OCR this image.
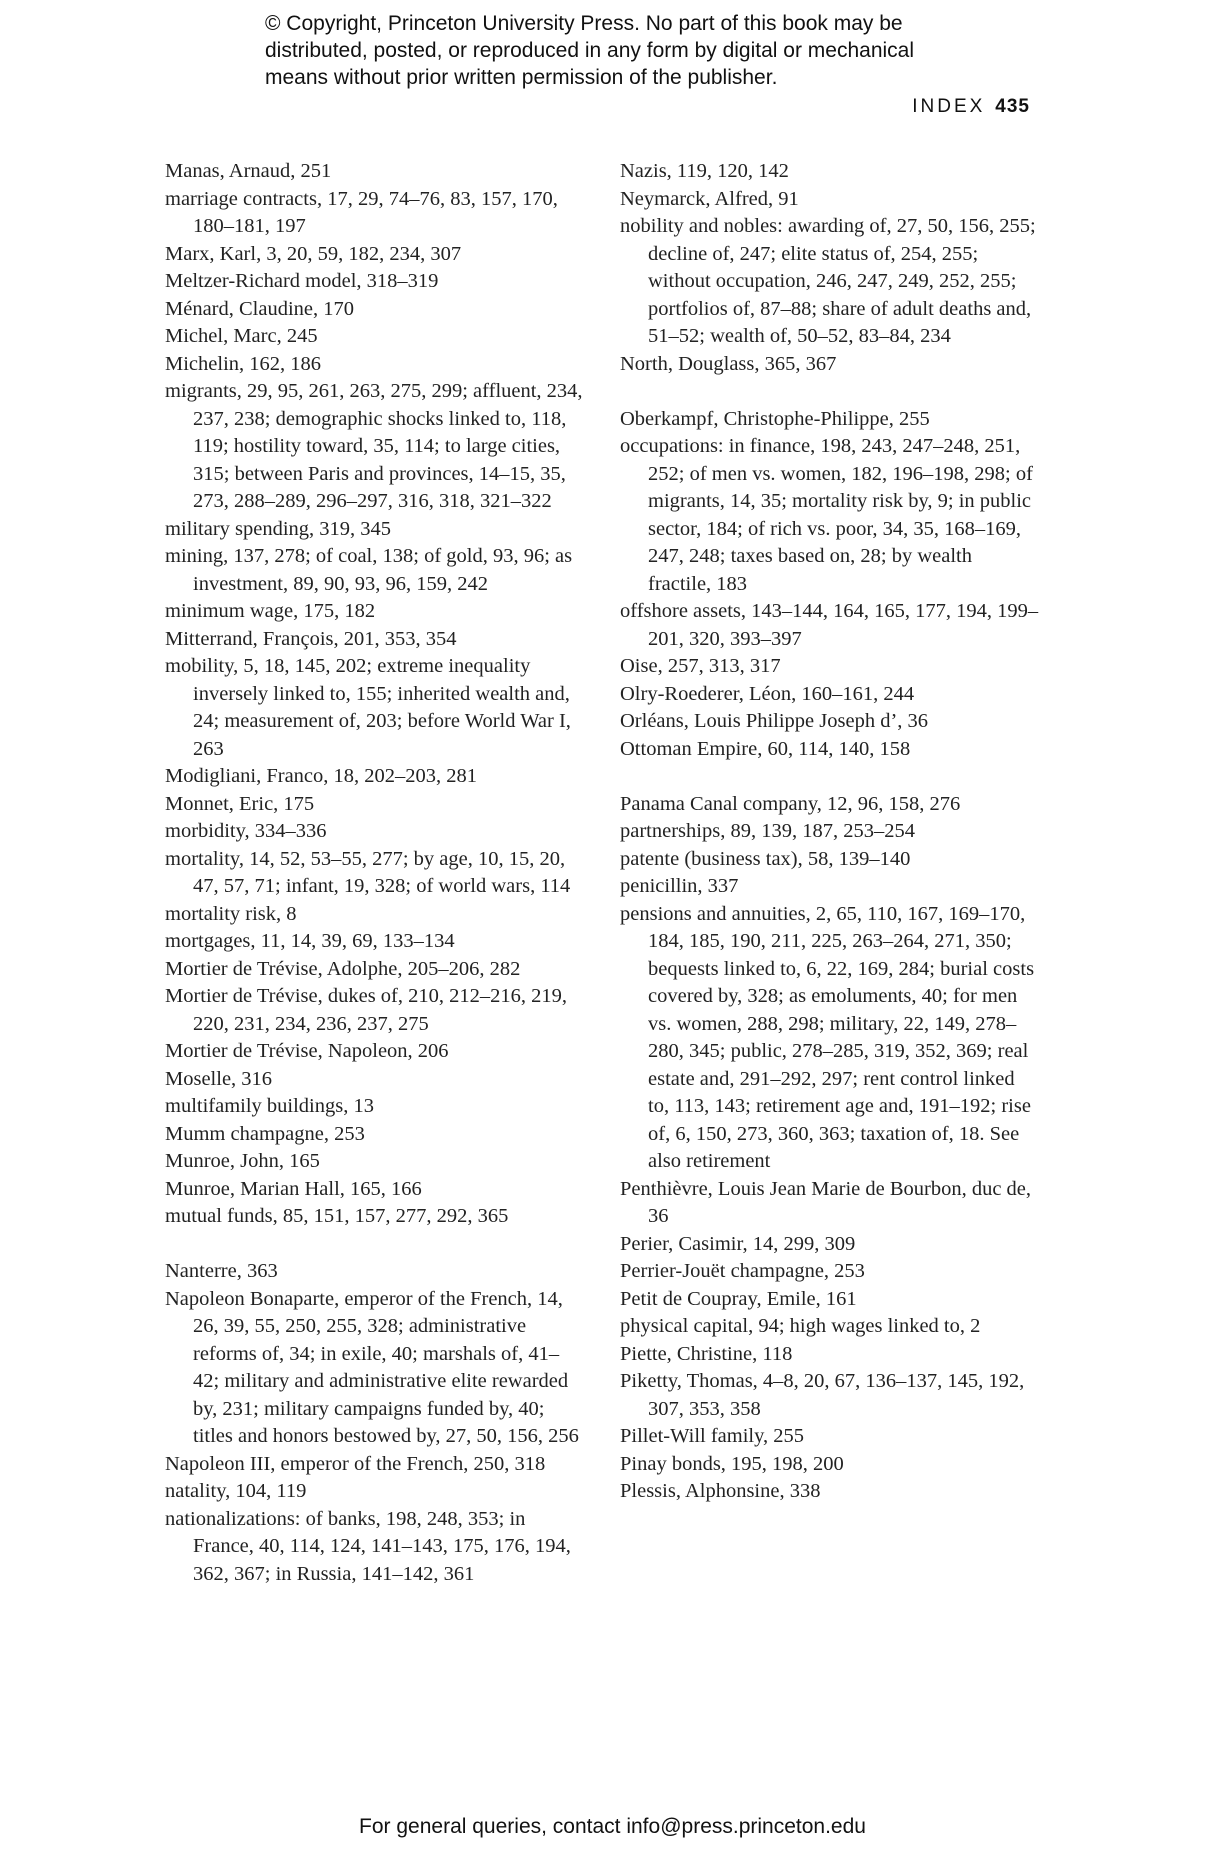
© Copyright, Princeton University Press. No part of this book may be
distributed, posted, or reproduced in any form by digital or mechanical
means without prior written permission of the publisher.
INDEX 435
Manas, Arnaud, 251
marriage contracts, 17, 29, 74–76, 83, 157, 170, 180–181, 197
Marx, Karl, 3, 20, 59, 182, 234, 307
Meltzer-Richard model, 318–319
Ménard, Claudine, 170
Michel, Marc, 245
Michelin, 162, 186
migrants, 29, 95, 261, 263, 275, 299; affluent, 234, 237, 238; demographic shocks linked to, 118, 119; hostility toward, 35, 114; to large cities, 315; between Paris and provinces, 14–15, 35, 273, 288–289, 296–297, 316, 318, 321–322
military spending, 319, 345
mining, 137, 278; of coal, 138; of gold, 93, 96; as investment, 89, 90, 93, 96, 159, 242
minimum wage, 175, 182
Mitterrand, François, 201, 353, 354
mobility, 5, 18, 145, 202; extreme inequality inversely linked to, 155; inherited wealth and, 24; measurement of, 203; before World War I, 263
Modigliani, Franco, 18, 202–203, 281
Monnet, Eric, 175
morbidity, 334–336
mortality, 14, 52, 53–55, 277; by age, 10, 15, 20, 47, 57, 71; infant, 19, 328; of world wars, 114
mortality risk, 8
mortgages, 11, 14, 39, 69, 133–134
Mortier de Trévise, Adolphe, 205–206, 282
Mortier de Trévise, dukes of, 210, 212–216, 219, 220, 231, 234, 236, 237, 275
Mortier de Trévise, Napoleon, 206
Moselle, 316
multifamily buildings, 13
Mumm champagne, 253
Munroe, John, 165
Munroe, Marian Hall, 165, 166
mutual funds, 85, 151, 157, 277, 292, 365
Nanterre, 363
Napoleon Bonaparte, emperor of the French, 14, 26, 39, 55, 250, 255, 328; administrative reforms of, 34; in exile, 40; marshals of, 41–42; military and administrative elite rewarded by, 231; military campaigns funded by, 40; titles and honors bestowed by, 27, 50, 156, 256
Napoleon III, emperor of the French, 250, 318
natality, 104, 119
nationalizations: of banks, 198, 248, 353; in France, 40, 114, 124, 141–143, 175, 176, 194, 362, 367; in Russia, 141–142, 361
Nazis, 119, 120, 142
Neymarck, Alfred, 91
nobility and nobles: awarding of, 27, 50, 156, 255; decline of, 247; elite status of, 254, 255; without occupation, 246, 247, 249, 252, 255; portfolios of, 87–88; share of adult deaths and, 51–52; wealth of, 50–52, 83–84, 234
North, Douglass, 365, 367
Oberkampf, Christophe-Philippe, 255
occupations: in finance, 198, 243, 247–248, 251, 252; of men vs. women, 182, 196–198, 298; of migrants, 14, 35; mortality risk by, 9; in public sector, 184; of rich vs. poor, 34, 35, 168–169, 247, 248; taxes based on, 28; by wealth fractile, 183
offshore assets, 143–144, 164, 165, 177, 194, 199–201, 320, 393–397
Oise, 257, 313, 317
Olry-Roederer, Léon, 160–161, 244
Orléans, Louis Philippe Joseph d’, 36
Ottoman Empire, 60, 114, 140, 158
Panama Canal company, 12, 96, 158, 276
partnerships, 89, 139, 187, 253–254
patente (business tax), 58, 139–140
penicillin, 337
pensions and annuities, 2, 65, 110, 167, 169–170, 184, 185, 190, 211, 225, 263–264, 271, 350; bequests linked to, 6, 22, 169, 284; burial costs covered by, 328; as emoluments, 40; for men vs. women, 288, 298; military, 22, 149, 278–280, 345; public, 278–285, 319, 352, 369; real estate and, 291–292, 297; rent control linked to, 113, 143; retirement age and, 191–192; rise of, 6, 150, 273, 360, 363; taxation of, 18. See also retirement
Penthièvre, Louis Jean Marie de Bourbon, duc de, 36
Perier, Casimir, 14, 299, 309
Perrier-Jouët champagne, 253
Petit de Coupray, Emile, 161
physical capital, 94; high wages linked to, 2
Piette, Christine, 118
Piketty, Thomas, 4–8, 20, 67, 136–137, 145, 192, 307, 353, 358
Pillet-Will family, 255
Pinay bonds, 195, 198, 200
Plessis, Alphonsine, 338
For general queries, contact info@press.princeton.edu
